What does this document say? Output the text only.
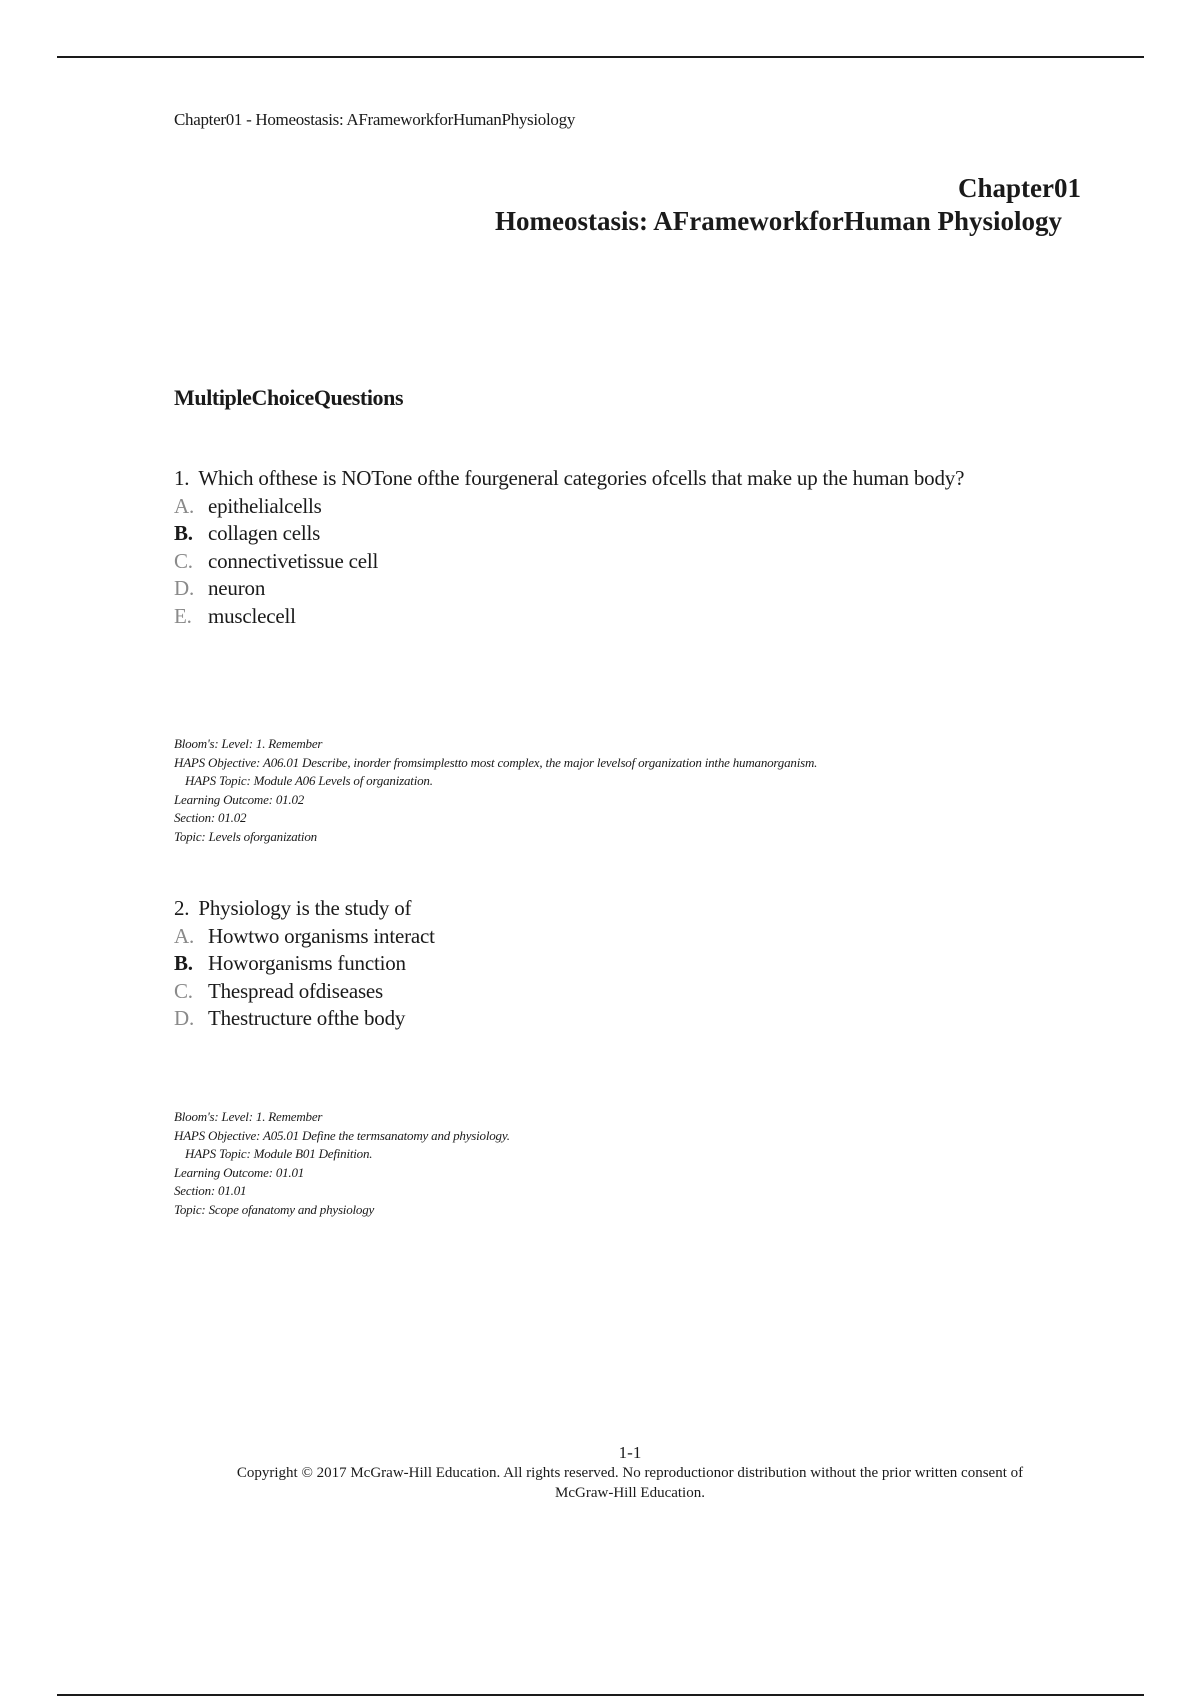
Chapter01 - Homeostasis: AFrameworkforHumanPhysiology
Chapter01
Homeostasis: AFrameworkforHuman Physiology
MultipleChoiceQuestions
1. Which ofthese is NOTone ofthe fourgeneral categories ofcells that make up the human body?
A. epithelialcells
B. collagen cells
C. connectivetissue cell
D. neuron
E. musclecell
Bloom's: Level: 1. Remember
HAPS Objective: A06.01 Describe, inorder fromsimplestto most complex, the major levelsof organization inthe humanorganism.
HAPS Topic: Module A06 Levels of organization.
Learning Outcome: 01.02
Section: 01.02
Topic: Levels oforganization
2. Physiology is the study of
A. Howtwo organisms interact
B. Howorganisms function
C. Thespread ofdiseases
D. Thestructure ofthe body
Bloom's: Level: 1. Remember
HAPS Objective: A05.01 Define the termsanatomy and physiology.
HAPS Topic: Module B01 Definition.
Learning Outcome: 01.01
Section: 01.01
Topic: Scope ofanatomy and physiology
1-1
Copyright © 2017 McGraw-Hill Education. All rights reserved. No reproductionor distribution without the prior written consent of
McGraw-Hill Education.
